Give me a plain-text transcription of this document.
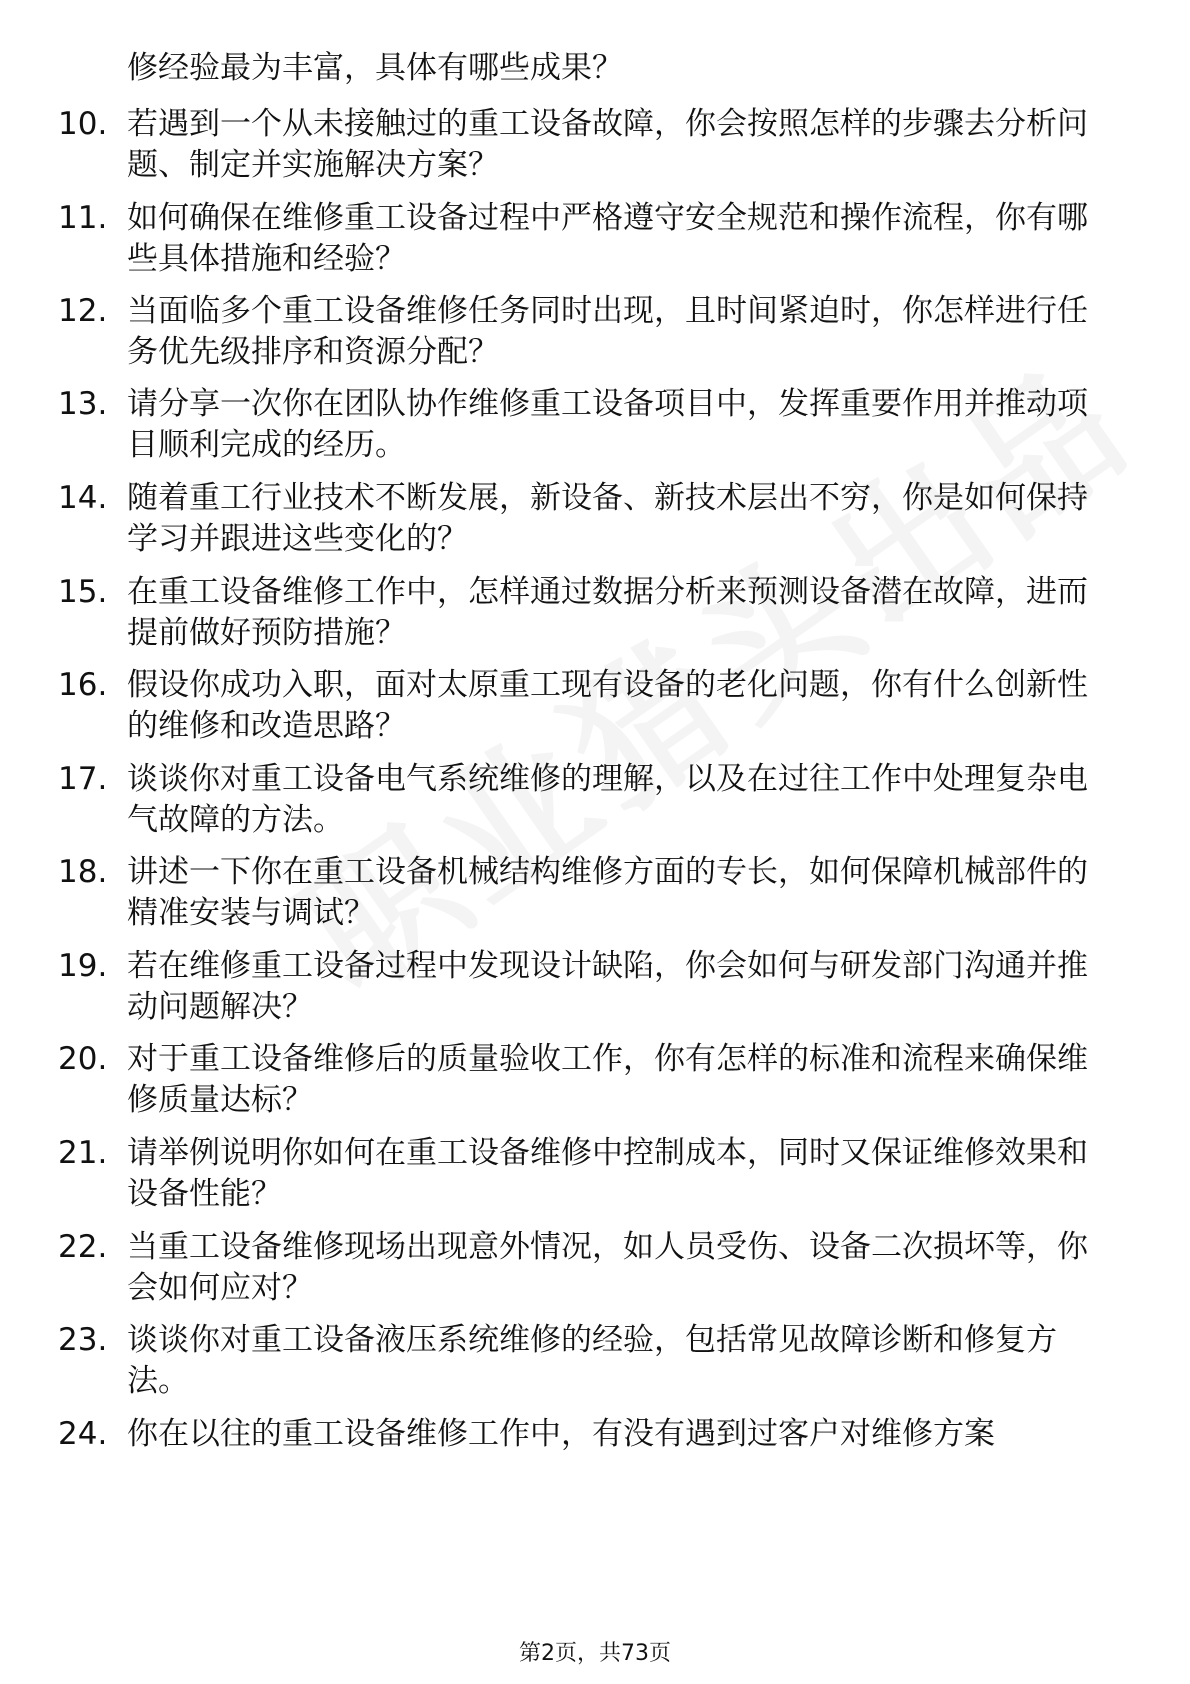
修经验最为丰富，具体有哪些成果？
10. 若遇到一个从未接触过的重工设备故障，你会按照怎样的步骤去分析问题、制定并实施解决方案？
11. 如何确保在维修重工设备过程中严格遵守安全规范和操作流程，你有哪些具体措施和经验？
12. 当面临多个重工设备维修任务同时出现，且时间紧迫时，你怎样进行任务优先级排序和资源分配？
13. 请分享一次你在团队协作维修重工设备项目中，发挥重要作用并推动项目顺利完成的经历。
14. 随着重工行业技术不断发展，新设备、新技术层出不穷，你是如何保持学习并跟进这些变化的？
15. 在重工设备维修工作中，怎样通过数据分析来预测设备潜在故障，进而提前做好预防措施？
16. 假设你成功入职，面对太原重工现有设备的老化问题，你有什么创新性的维修和改造思路？
17. 谈谈你对重工设备电气系统维修的理解，以及在过往工作中处理复杂电气故障的方法。
18. 讲述一下你在重工设备机械结构维修方面的专长，如何保障机械部件的精准安装与调试？
19. 若在维修重工设备过程中发现设计缺陷，你会如何与研发部门沟通并推动问题解决？
20. 对于重工设备维修后的质量验收工作，你有怎样的标准和流程来确保维修质量达标？
21. 请举例说明你如何在重工设备维修中控制成本，同时又保证维修效果和设备性能？
22. 当重工设备维修现场出现意外情况，如人员受伤、设备二次损坏等，你会如何应对？
23. 谈谈你对重工设备液压系统维修的经验，包括常见故障诊断和修复方法。
24. 你在以往的重工设备维修工作中，有没有遇到过客户对维修方案
第2页，共73页
